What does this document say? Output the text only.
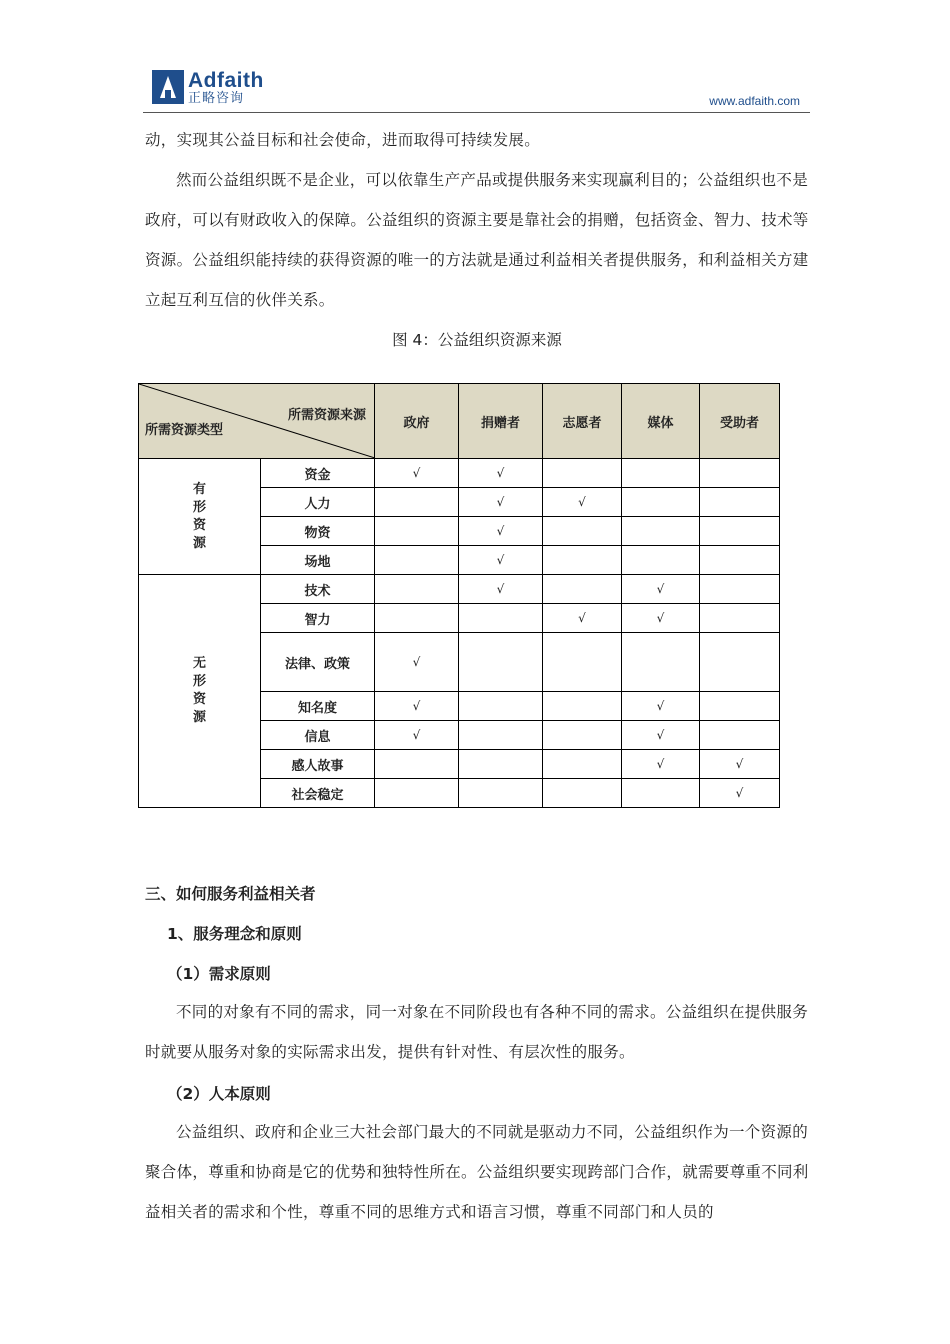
Adfaith
正略咨询	www.adfaith.com

动，实现其公益目标和社会使命，进而取得可持续发展。

然而公益组织既不是企业，可以依靠生产产品或提供服务来实现赢利目的；公益组织也不是政府，可以有财政收入的保障。公益组织的资源主要是靠社会的捐赠，包括资金、智力、技术等资源。公益组织能持续的获得资源的唯一的方法就是通过利益相关者提供服务，和利益相关方建立起互利互信的伙伴关系。

图 4：公益组织资源来源
所需资源来源
所需资源类型		政府	捐赠者	志愿者	媒体	受助者
有形资源	资金	√	√			
	人力		√	√		
	物资		√			
	场地		√			
无形资源	技术		√		√	
	智力			√	√	
	法律、政策	√				
	知名度	√			√	
	信息	√			√	
	感人故事				√	√
	社会稳定					√
三、如何服务利益相关者
1、服务理念和原则
（1）需求原则

不同的对象有不同的需求，同一对象在不同阶段也有各种不同的需求。公益组织在提供服务时就要从服务对象的实际需求出发，提供有针对性、有层次性的服务。

（2）人本原则

公益组织、政府和企业三大社会部门最大的不同就是驱动力不同，公益组织作为一个资源的聚合体，尊重和协商是它的优势和独特性所在。公益组织要实现跨部门合作，就需要尊重不同利益相关者的需求和个性，尊重不同的思维方式和语言习惯，尊重不同部门和人员的
